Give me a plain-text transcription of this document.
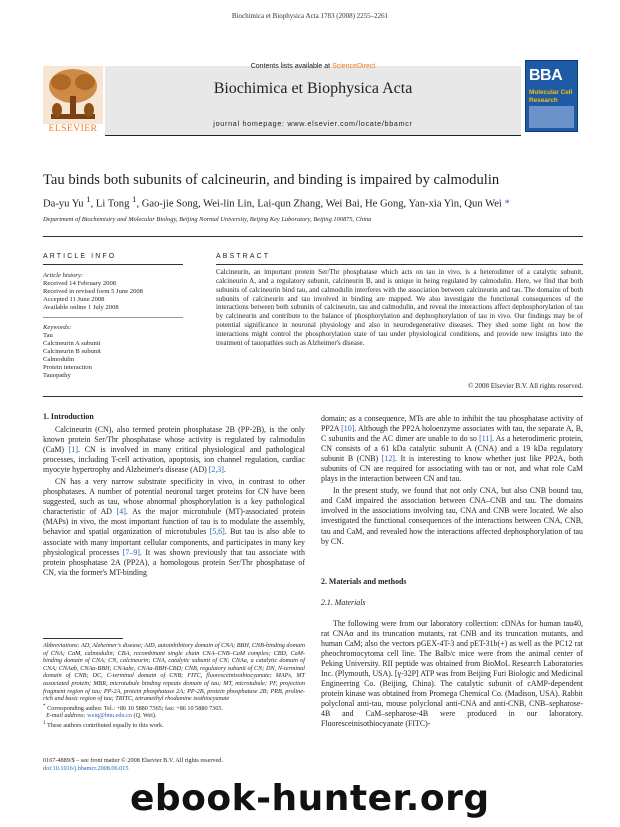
Biochimica et Biophysica Acta 1783 (2008) 2255–2261
Contents lists available at ScienceDirect
Biochimica et Biophysica Acta
journal homepage: www.elsevier.com/locate/bbamcr
ELSEVIER
BBA
Molecular Cell Research
Tau binds both subunits of calcineurin, and binding is impaired by calmodulin
Da-yu Yu $^1$, Li Tong $^1$, Gao-jie Song, Wei-lin Lin, Lai-qun Zhang, Wei Bai, He Gong, Yan-xia Yin, Qun Wei *
Department of Biochemistry and Molecular Biology, Beijing Normal University, Beijing Key Laboratory, Beijing 100875, China
ARTICLE INFO	ABSTRACT
Article history:
Received 14 February 2008
Received in revised form 5 June 2008
Accepted 11 June 2008
Available online 1 July 2008
Keywords:
Tau
Calcineurin A subunit
Calcineurin B subunit
Calmodulin
Protein interaction
Tauopathy
Calcineurin, an important protein Ser/Thr phosphatase which acts on tau in vivo, is a heterodimer of a catalytic subunit, calcineurin A, and a regulatory subunit, calcineurin B, and is unique in being regulated by calmodulin. Here, we find that both subunits of calcineurin bind tau, and calmodulin interferes with the association between calcineurin and tau. The domains of both subunits of calcineurin and tau involved in binding are mapped. We also investigate the functional consequences of the interactions between both subunits of calcineurin, tau and calmodulin, and reveal the interactions affect dephosphorylation of tau by calcineurin and contribute to the balance of phosphorylation and dephosphorylation of tau in vivo. Our findings may be of potential significance in neuronal physiology and also in neurodegenerative diseases. They shed some light on how the interactions might control the phosphorylation state of tau under physiological conditions, and provide new insights into the treatment of tauopathies such as Alzheimer's disease.
© 2008 Elsevier B.V. All rights reserved.
1. Introduction

Calcineurin (CN), also termed protein phosphatase 2B (PP-2B), is the only known protein Ser/Thr phosphatase whose activity is regulated by calmodulin (CaM) [1]. CN is involved in many critical physiological and pathological processes, including T-cell activation, apoptosis, ion channel regulation, cardiac myocyte hypertrophy and Alzheimer's disease (AD) [2,3].

CN has a very narrow substrate specificity in vivo, in contrast to other phosphatases. A number of potential neuronal target proteins for CN have been suggested, such as tau, whose abnormal phosphorylation is a key pathological characteristic of AD [4]. As the major microtubule (MT)-associated protein (MAPs) in vivo, the most important function of tau is to modulate the assembly, behavior and spatial organization of microtubules [5,6]. But tau is also able to associate with many important cellular components, and participates in many key physiological processes [7–9]. It was shown previously that tau associate with protein phosphatase 2A (PP2A), a homologous protein Ser/Thr phosphatase of CN, via the former's MT-binding

Abbreviations: AD, Alzheimer's disease; AID, autoinhibitory domain of CNA; BBH, CNB-binding domain of CNA; CaM, calmodulin; CBA, recombinant single chain CNA–CNB–CaM complex; CBD, CaM-binding domain of CNA; CN, calcineurin; CNA, catalytic subunit of CN; CNAa, a catalytic domain of CNA; CNAab, CNAa-BBH; CNAabc, CNAa-BBH-CBD; CNB, regulatory subunit of CN; DN, N-terminal domain of CNB; DC, C-terminal domain of CNB; FITC, fluoresceinisothiocyanate; MAPs, MT associated protein; MBR, microtubule binding repeats domain of tau; MT, microtubule; PF, projection fragment region of tau; PP-2A, protein phosphatase 2A; PP-2B, protein phosphatase 2B; PRB, proline-rich and basic region of tau; TRITC, tetramethyl rhodamine isothiocyanate
* Corresponding author. Tel.: +86 10 5880 7365; fax: +86 10 5880 7365.
E-mail address: weiq@bnu.edu.cn (Q. Wei).
$^1$ These authors contributed equally to this work.
0167-4889/$ – see front matter © 2008 Elsevier B.V. All rights reserved.
doi:10.1016/j.bbamcr.2008.06.015

domain; as a consequence, MTs are able to inhibit the tau phosphatase activity of PP2A [10]. Although the PP2A holoenzyme associates with tau, the separate A, B, C subunits and the AC dimer are unable to do so [11]. As a heterodimeric protein, CN consists of a 61 kDa catalytic subunit A (CNA) and a 19 kDa regulatory subunit B (CNB) [12]. It is interesting to know whether just like PP2A, both subunits of CN are required for associating with tau or not, and what role CaM plays in the interaction between CN and tau.

In the present study, we found that not only CNA, but also CNB bound tau, and CaM impaired the association between CNA–CNB and tau. The domains involved in the associations involving tau, CNA and CNB were located. We also investigated the functional consequences of the interactions between CNA, CNB, tau and CaM, and revealed how the interactions affected dephosphorylation of tau by CN.

2. Materials and methods
2.1. Materials

The following were from our laboratory collection: cDNAs for human tau40, rat CNAα and its truncation mutants, rat CNB and its truncation mutants, and human CaM; also the vectors pGEX-4T-3 and pET-31b(+) as well as the PC12 rat pheochromocytoma cell line. The Balb/c mice were from the animal center of Peking University. RII peptide was obtained from BioMoL Research Laboratories Inc. (Plymouth, USA). [γ-32P] ATP was from Beijing Furi Biologic and Medicinal Engineering Co. (Beijing, China). The catalytic subunit of cAMP-dependent protein kinase was obtained from Promega Chemical Co. (Madison, USA). Rabbit polyclonal anti-tau, mouse polyclonal anti-CNA and anti-CNB, CNB–sepharose-4B and CaM–sepharose-4B were produced in our laboratory. Fluoresceinisothiocyanate (FITC)-

ebook-hunter.org
